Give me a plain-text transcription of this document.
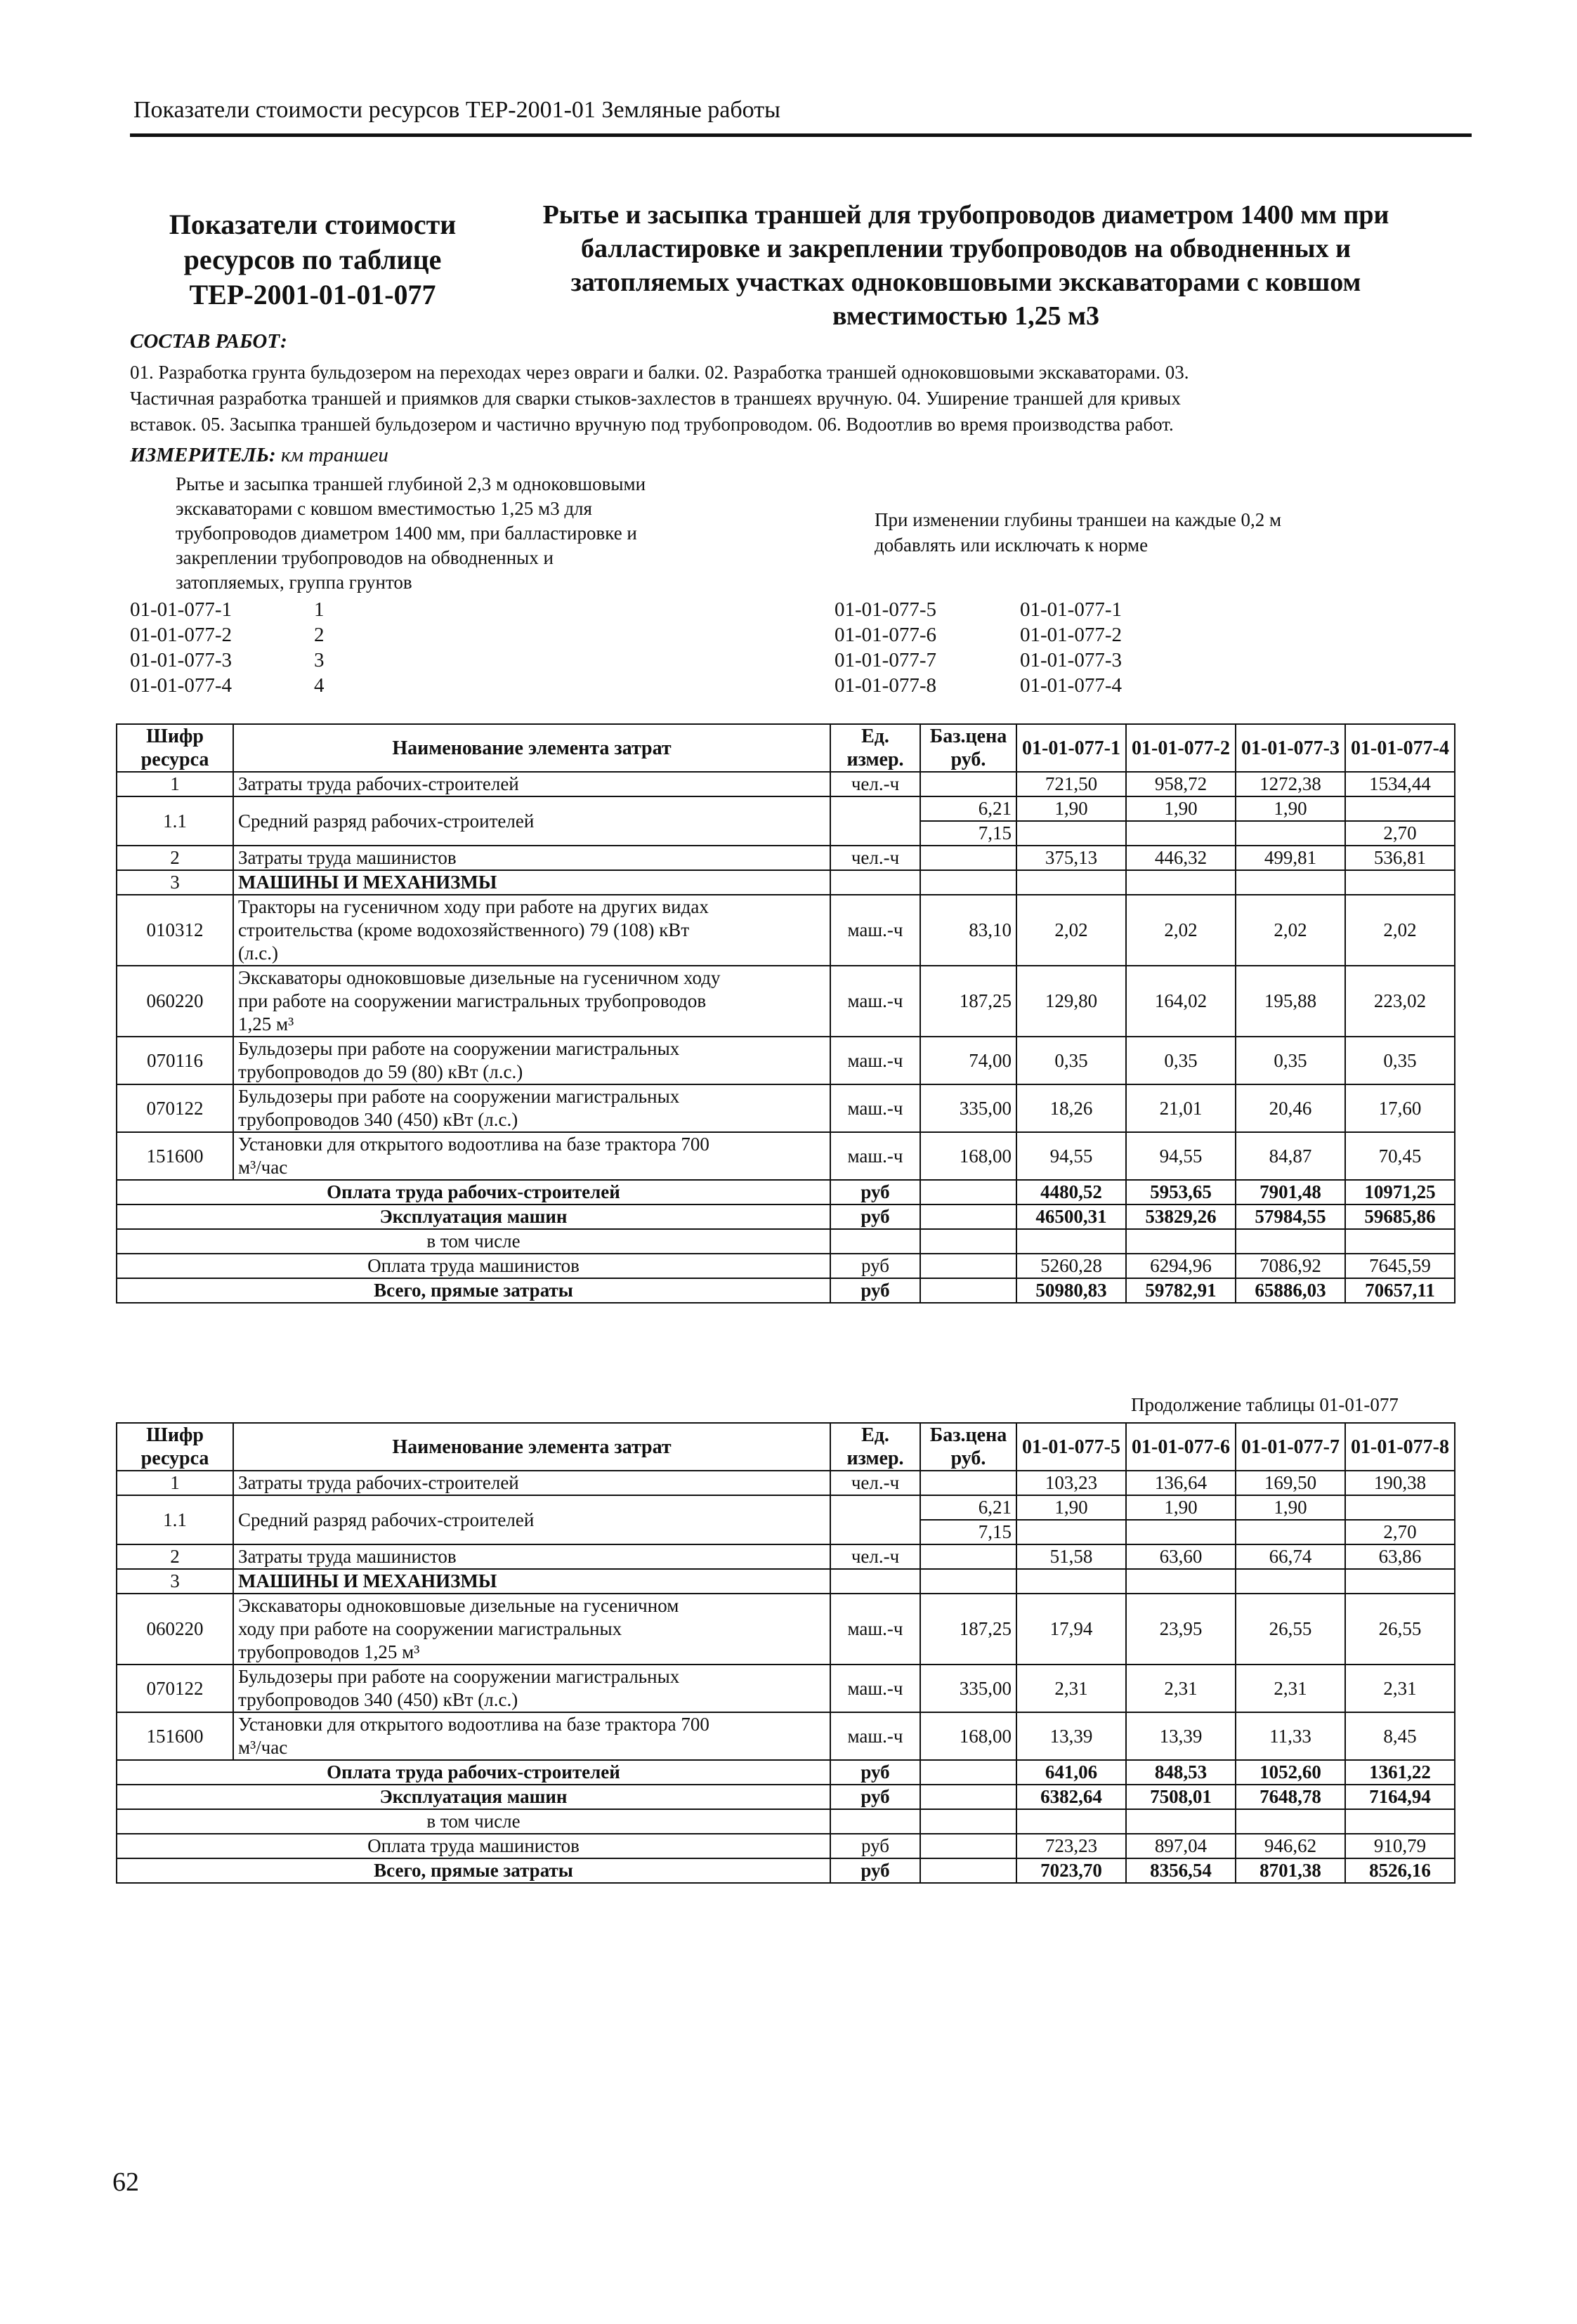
Показатели стоимости ресурсов ТЕР-2001-01 Земляные работы
Показатели стоимости
ресурсов по таблице
ТЕР-2001-01-01-077
Рытье и засыпка траншей для трубопроводов диаметром 1400 мм при
балластировке и закреплении трубопроводов на обводненных и
затопляемых участках одноковшовыми экскаваторами с ковшом
вместимостью 1,25 м3
СОСТАВ РАБОТ:
01. Разработка грунта бульдозером на переходах через овраги и балки. 02. Разработка траншей одноковшовыми экскаваторами. 03.
Частичная разработка траншей и приямков для сварки стыков-захлестов в траншеях вручную. 04. Уширение траншей для кривых
вставок. 05. Засыпка траншей бульдозером и частично вручную под трубопроводом. 06. Водоотлив во время производства работ.
ИЗМЕРИТЕЛЬ: км траншеи
Рытье и засыпка траншей глубиной 2,3 м одноковшовыми
экскаваторами с ковшом вместимостью 1,25 м3 для
трубопроводов диаметром 1400 мм, при балластировке и
закреплении трубопроводов на обводненных и
затопляемых, группа грунтов
При изменении глубины траншеи на каждые 0,2 м
добавлять или исключать к норме
01-01-077-1	1
01-01-077-2	2
01-01-077-3	3
01-01-077-4	4
01-01-077-5	01-01-077-1
01-01-077-6	01-01-077-2
01-01-077-7	01-01-077-3
01-01-077-8	01-01-077-4
Шифр ресурса	Наименование элемента затрат	Ед. измер.	Баз.цена руб.	01-01-077-1	01-01-077-2	01-01-077-3	01-01-077-4
1	Затраты труда рабочих-строителей	чел.-ч		721,50	958,72	1272,38	1534,44
1.1	Средний разряд рабочих-строителей		6,21	1,90	1,90	1,90	
			7,15				2,70
2	Затраты труда машинистов	чел.-ч		375,13	446,32	499,81	536,81
3	МАШИНЫ И МЕХАНИЗМЫ						
010312	Тракторы на гусеничном ходу при работе на других видах
строительства (кроме водохозяйственного) 79 (108) кВт
(л.с.)	маш.-ч	83,10	2,02	2,02	2,02	2,02
060220	Экскаваторы одноковшовые дизельные на гусеничном ходу
при работе на сооружении магистральных трубопроводов
1,25 м³	маш.-ч	187,25	129,80	164,02	195,88	223,02
070116	Бульдозеры при работе на сооружении магистральных
трубопроводов до 59 (80) кВт (л.с.)	маш.-ч	74,00	0,35	0,35	0,35	0,35
070122	Бульдозеры при работе на сооружении магистральных
трубопроводов 340 (450) кВт (л.с.)	маш.-ч	335,00	18,26	21,01	20,46	17,60
151600	Установки для открытого водоотлива на базе трактора 700
м³/час	маш.-ч	168,00	94,55	94,55	84,87	70,45
Оплата труда рабочих-строителей		руб		4480,52	5953,65	7901,48	10971,25
Эксплуатация машин		руб		46500,31	53829,26	57984,55	59685,86
в том числе							
Оплата труда машинистов		руб		5260,28	6294,96	7086,92	7645,59
Всего, прямые затраты		руб		50980,83	59782,91	65886,03	70657,11
Продолжение таблицы 01-01-077
Шифр ресурса	Наименование элемента затрат	Ед. измер.	Баз.цена руб.	01-01-077-5	01-01-077-6	01-01-077-7	01-01-077-8
1	Затраты труда рабочих-строителей	чел.-ч		103,23	136,64	169,50	190,38
1.1	Средний разряд рабочих-строителей		6,21	1,90	1,90	1,90	
			7,15				2,70
2	Затраты труда машинистов	чел.-ч		51,58	63,60	66,74	63,86
3	МАШИНЫ И МЕХАНИЗМЫ						
060220	Экскаваторы одноковшовые дизельные на гусеничном
ходу при работе на сооружении магистральных
трубопроводов 1,25 м³	маш.-ч	187,25	17,94	23,95	26,55	26,55
070122	Бульдозеры при работе на сооружении магистральных
трубопроводов 340 (450) кВт (л.с.)	маш.-ч	335,00	2,31	2,31	2,31	2,31
151600	Установки для открытого водоотлива на базе трактора 700
м³/час	маш.-ч	168,00	13,39	13,39	11,33	8,45
Оплата труда рабочих-строителей		руб		641,06	848,53	1052,60	1361,22
Эксплуатация машин		руб		6382,64	7508,01	7648,78	7164,94
в том числе							
Оплата труда машинистов		руб		723,23	897,04	946,62	910,79
Всего, прямые затраты		руб		7023,70	8356,54	8701,38	8526,16
62
